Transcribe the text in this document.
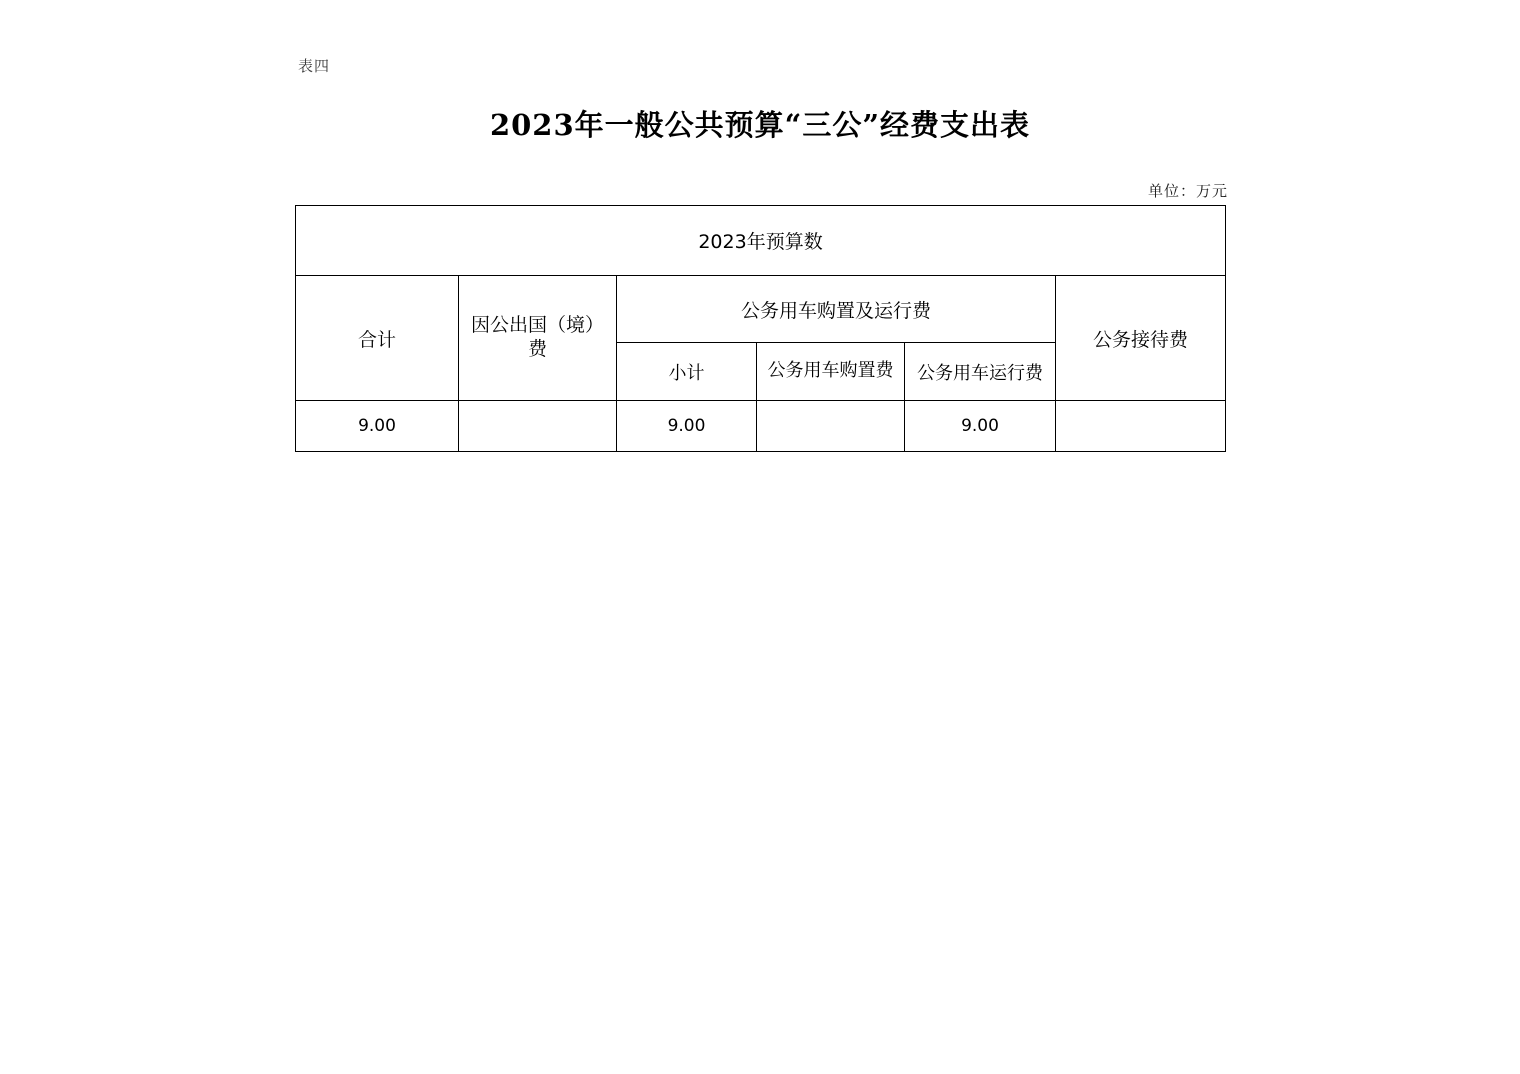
表四
2023年一般公共预算“三公”经费支出表
单位：万元
2023年预算数					
合计	因公出国（境）费	公务用车购置及运行费			公务接待费
		小计	公务用车购置费	公务用车运行费	
9.00		9.00		9.00	
